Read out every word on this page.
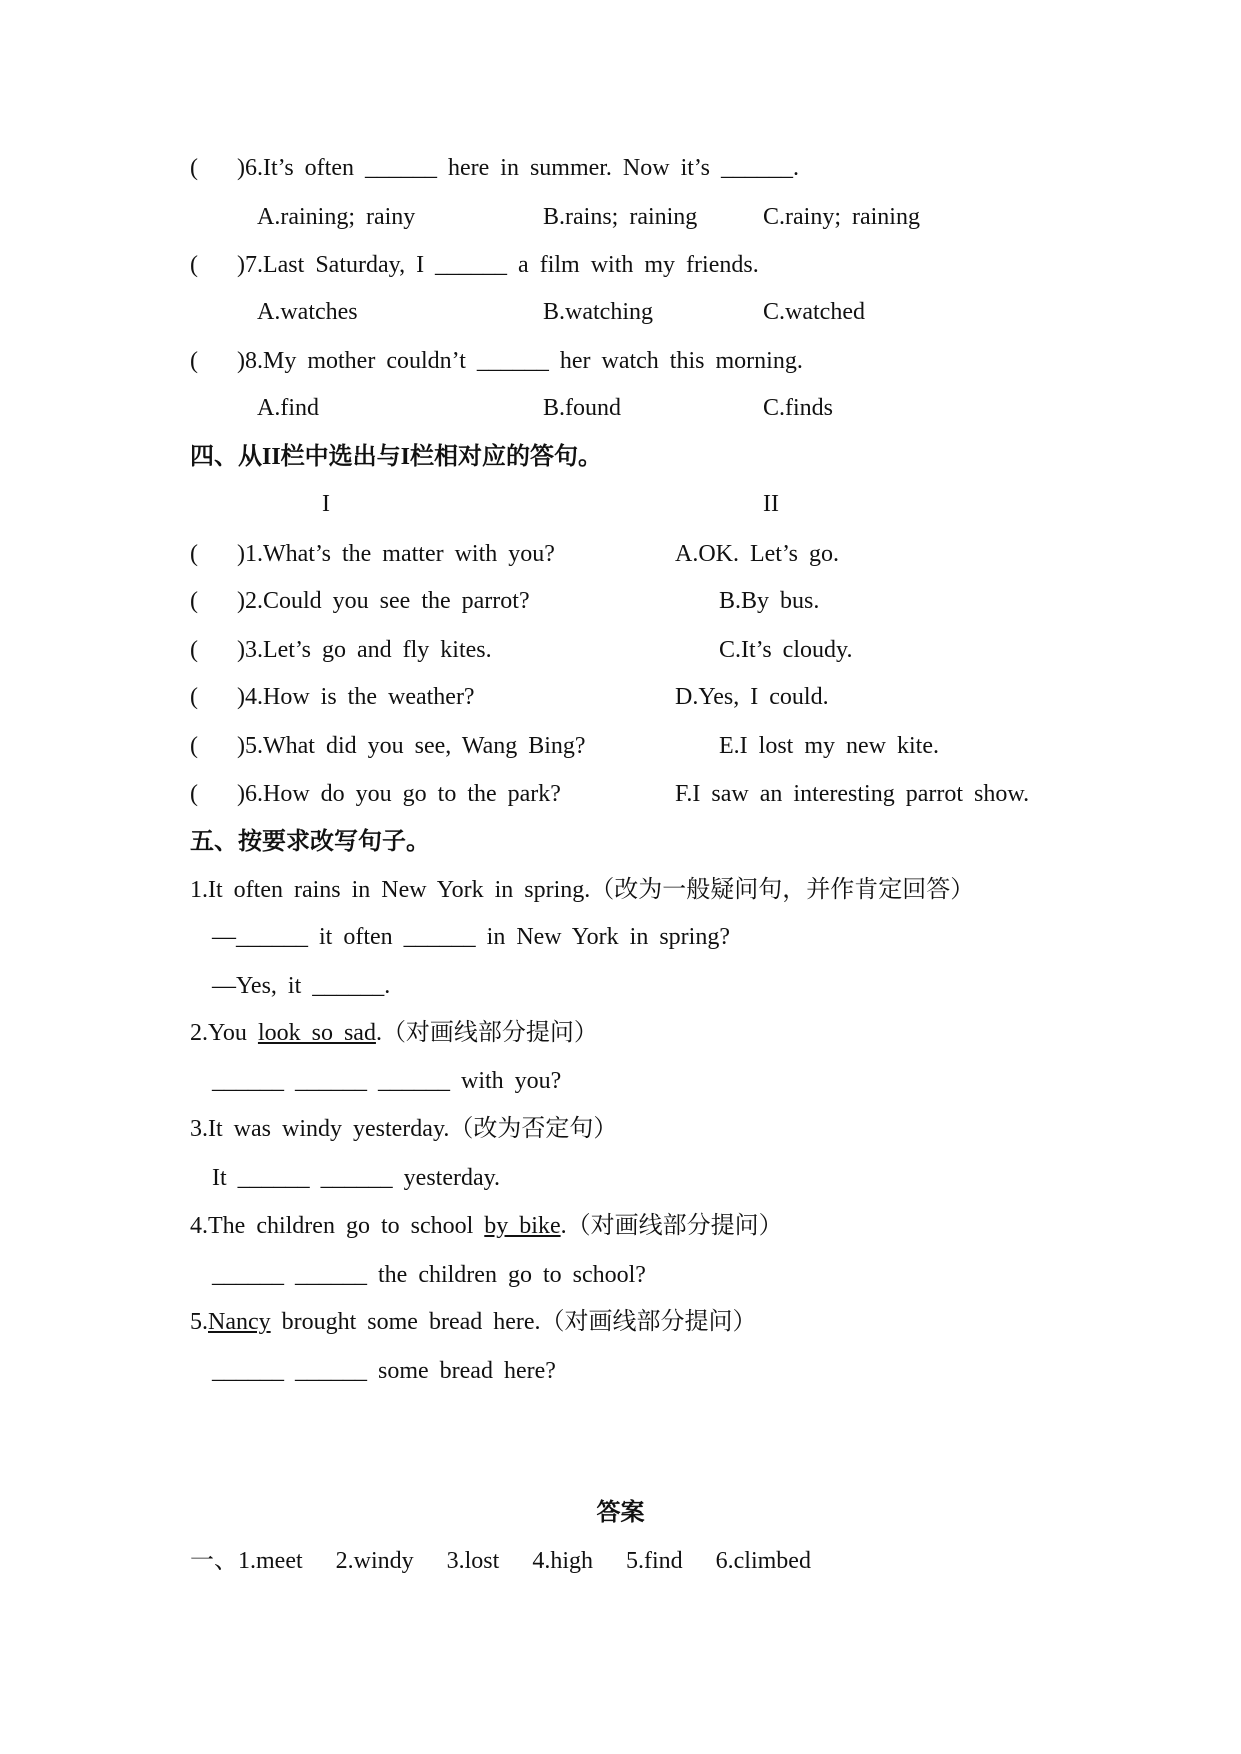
( )6.It’s often ______ here in summer. Now it’s ______.
A.raining; rainy	B.rains; raining	C.rainy; raining
( )7.Last Saturday, I ______ a film with my friends.
A.watches	B.watching	C.watched
( )8.My mother couldn’t ______ her watch this morning.
A.find	B.found	C.finds
四、从II栏中选出与I栏相对应的答句。
I	II
( )1.What’s the matter with you?	A.OK. Let’s go.
( )2.Could you see the parrot?	B.By bus.
( )3.Let’s go and fly kites.	C.It’s cloudy.
( )4.How is the weather?	D.Yes, I could.
( )5.What did you see, Wang Bing?	E.I lost my new kite.
( )6.How do you go to the park?	F.I saw an interesting parrot show.
五、按要求改写句子。
1.It often rains in New York in spring.（改为一般疑问句，并作肯定回答）
—______ it often ______ in New York in spring?
—Yes, it ______.
2.You look so sad.（对画线部分提问）
______ ______ ______ with you?
3.It was windy yesterday.（改为否定句）
It ______ ______ yesterday.
4.The children go to school by bike.（对画线部分提问）
______ ______ the children go to school?
5.Nancy brought some bread here.（对画线部分提问）
______ ______ some bread here?
答案
一、1.meet   2.windy   3.lost   4.high   5.find   6.climbed
